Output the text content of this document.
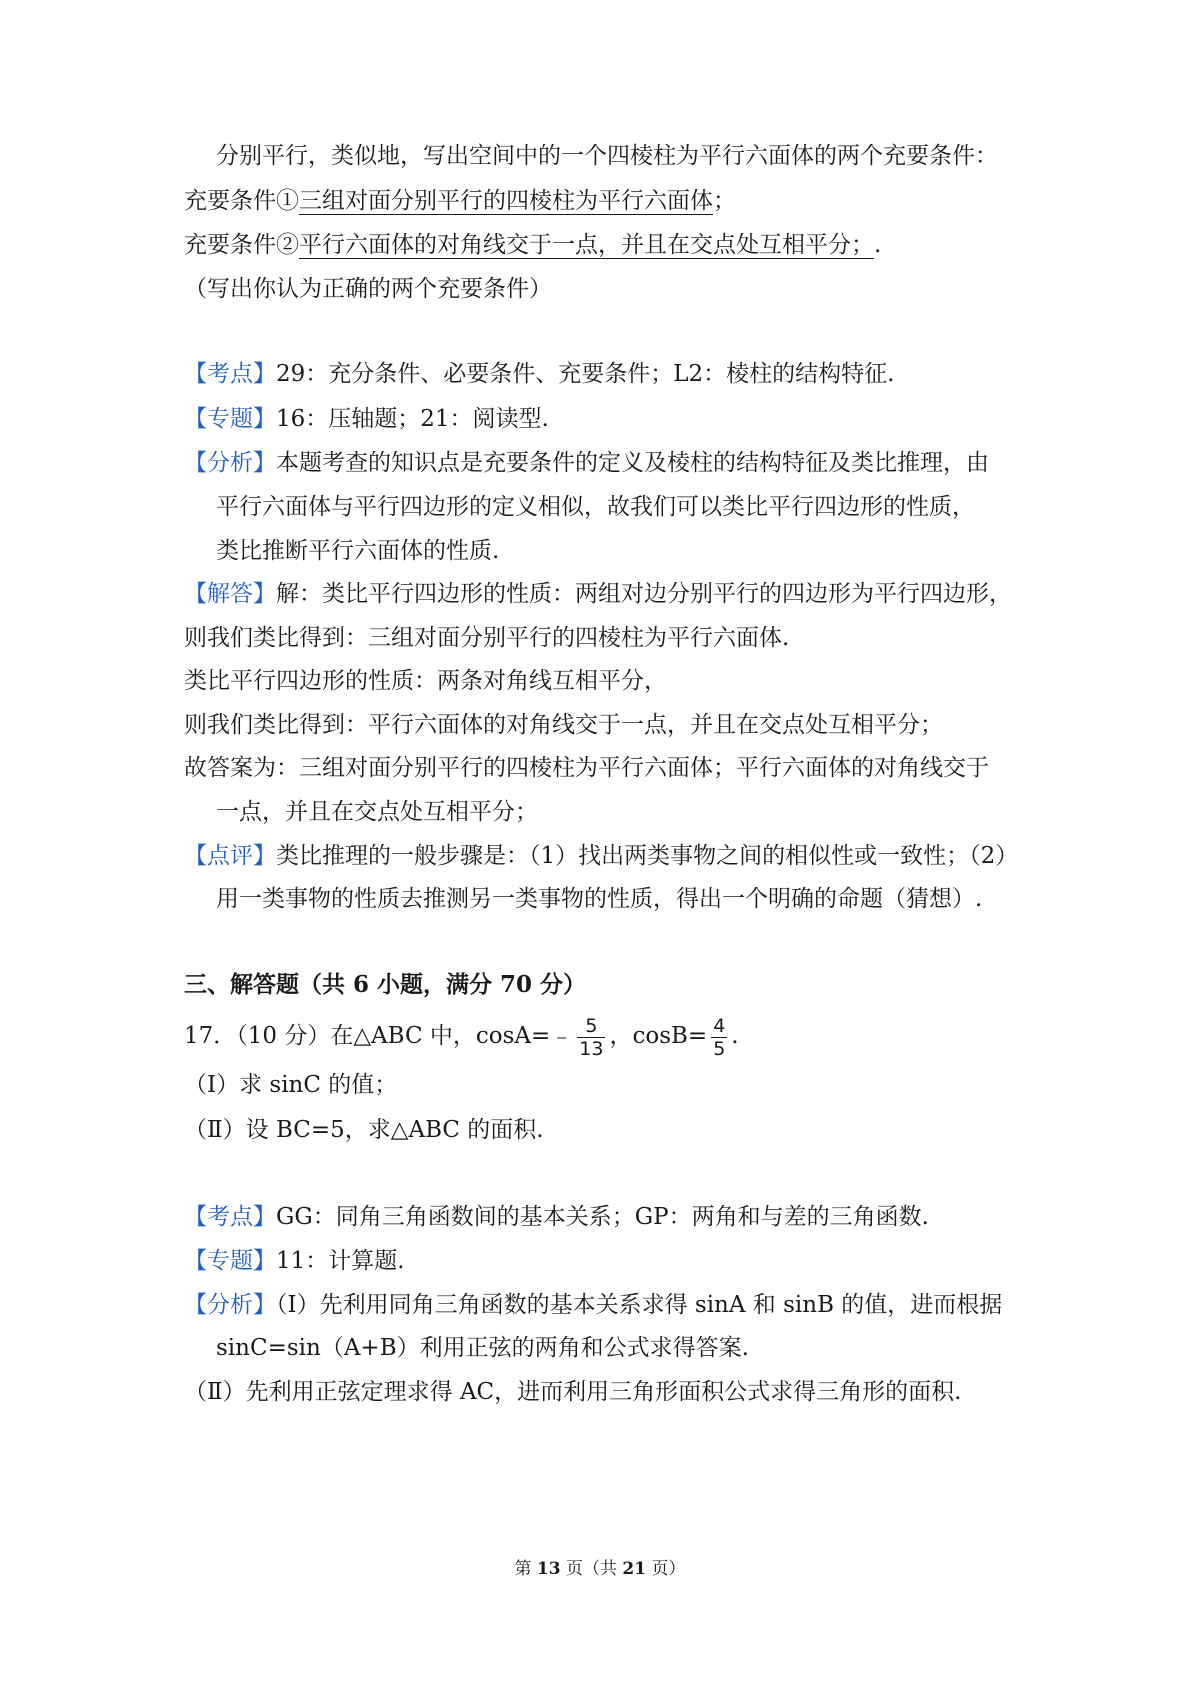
分别平行，类似地，写出空间中的一个四棱柱为平行六面体的两个充要条件：
充要条件①三组对面分别平行的四棱柱为平行六面体；
充要条件②平行六面体的对角线交于一点，并且在交点处互相平分；.
（写出你认为正确的两个充要条件）
【考点】29：充分条件、必要条件、充要条件；L2：棱柱的结构特征.
【专题】16：压轴题；21：阅读型.
【分析】本题考查的知识点是充要条件的定义及棱柱的结构特征及类比推理，由
平行六面体与平行四边形的定义相似，故我们可以类比平行四边形的性质，
类比推断平行六面体的性质.
【解答】解：类比平行四边形的性质：两组对边分别平行的四边形为平行四边形，
则我们类比得到：三组对面分别平行的四棱柱为平行六面体.
类比平行四边形的性质：两条对角线互相平分，
则我们类比得到：平行六面体的对角线交于一点，并且在交点处互相平分；
故答案为：三组对面分别平行的四棱柱为平行六面体；平行六面体的对角线交于
一点，并且在交点处互相平分；
【点评】类比推理的一般步骤是：（1）找出两类事物之间的相似性或一致性；（2）
用一类事物的性质去推测另一类事物的性质，得出一个明确的命题（猜想）.
三、解答题（共 6 小题，满分 70 分）
17．（10 分）在△ABC 中，cosA=﹣ $\frac{5}{13}$ ，$\cos B= \frac{4}{5}$ .
（Ⅰ）求 sinC 的值；
（Ⅱ）设 BC=5，求△ABC 的面积.
【考点】GG：同角三角函数间的基本关系；GP：两角和与差的三角函数.
【专题】11：计算题.
【分析】（Ⅰ）先利用同角三角函数的基本关系求得 sinA 和 sinB 的值，进而根据
sinC=sin（A+B）利用正弦的两角和公式求得答案.
（Ⅱ）先利用正弦定理求得 AC，进而利用三角形面积公式求得三角形的面积.
第 13 页（共 21 页）
